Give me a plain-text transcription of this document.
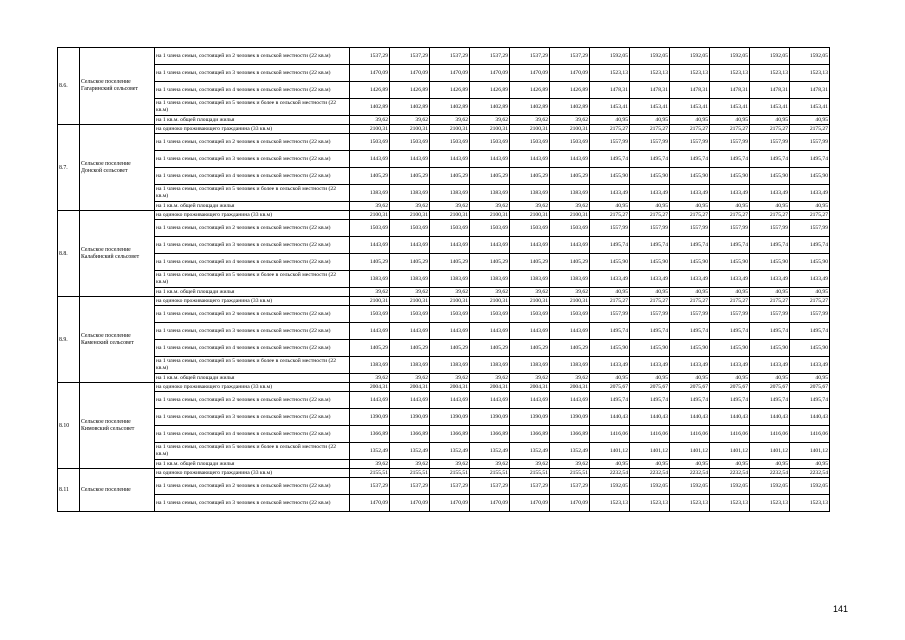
8.6.	Сельское поселение Гагаринский сельсовет	на 1 члена семьи, состоящей из 2 человек в сельской местности (22 кв.м)	1537,29	1537,29	1537,29	1537,29	1537,29	1537,29	1592,05	1592,05	1592,05	1592,05	1592,05	1592,05
		на 1 члена семьи, состоящей из 3 человек в сельской местности (22 кв.м)	1470,09	1470,09	1470,09	1470,09	1470,09	1470,09	1523,13	1523,13	1523,13	1523,13	1523,13	1523,13
		на 1 члена семьи, состоящей из 4 человек в сельской местности (22 кв.м)	1426,89	1426,89	1426,89	1426,89	1426,89	1426,89	1478,31	1478,31	1478,31	1478,31	1478,31	1478,31
		на 1 члена семьи, состоящей из 5 человек и более в сельской местности (22 кв.м)	1402,89	1402,89	1402,89	1402,89	1402,89	1402,89	1453,41	1453,41	1453,41	1453,41	1453,41	1453,41
		на 1 кв.м. общей площади жилья	39,62	39,62	39,62	39,62	39,62	39,62	40,95	40,95	40,95	40,95	40,95	40,95
8.7.	Сельское поселение Донской сельсовет	на одиноко проживающего гражданина (33 кв.м)	2100,31	2100,31	2100,31	2100,31	2100,31	2100,31	2175,27	2175,27	2175,27	2175,27	2175,27	2175,27
		на 1 члена семьи, состоящей из 2 человек в сельской местности (22 кв.м)	1503,69	1503,69	1503,69	1503,69	1503,69	1503,69	1557,99	1557,99	1557,99	1557,99	1557,99	1557,99
		на 1 члена семьи, состоящей из 3 человек в сельской местности (22 кв.м)	1443,69	1443,69	1443,69	1443,69	1443,69	1443,69	1495,74	1495,74	1495,74	1495,74	1495,74	1495,74
		на 1 члена семьи, состоящей из 4 человек в сельской местности (22 кв.м)	1405,29	1405,29	1405,29	1405,29	1405,29	1405,29	1455,90	1455,90	1455,90	1455,90	1455,90	1455,90
		на 1 члена семьи, состоящей из 5 человек и более в сельской местности (22 кв.м)	1383,69	1383,69	1383,69	1383,69	1383,69	1383,69	1433,49	1433,49	1433,49	1433,49	1433,49	1433,49
		на 1 кв.м. общей площади жилья	39,62	39,62	39,62	39,62	39,62	39,62	40,95	40,95	40,95	40,95	40,95	40,95
8.8.	Сельское поселение Калабинский сельсовет	на одиноко проживающего гражданина (33 кв.м)	2100,31	2100,31	2100,31	2100,31	2100,31	2100,31	2175,27	2175,27	2175,27	2175,27	2175,27	2175,27
		на 1 члена семьи, состоящей из 2 человек в сельской местности (22 кв.м)	1503,69	1503,69	1503,69	1503,69	1503,69	1503,69	1557,99	1557,99	1557,99	1557,99	1557,99	1557,99
		на 1 члена семьи, состоящей из 3 человек в сельской местности (22 кв.м)	1443,69	1443,69	1443,69	1443,69	1443,69	1443,69	1495,74	1495,74	1495,74	1495,74	1495,74	1495,74
		на 1 члена семьи, состоящей из 4 человек в сельской местности (22 кв.м)	1405,29	1405,29	1405,29	1405,29	1405,29	1405,29	1455,90	1455,90	1455,90	1455,90	1455,90	1455,90
		на 1 члена семьи, состоящей из 5 человек и более в сельской местности (22 кв.м)	1383,69	1383,69	1383,69	1383,69	1383,69	1383,69	1433,49	1433,49	1433,49	1433,49	1433,49	1433,49
		на 1 кв.м. общей площади жилья	39,62	39,62	39,62	39,62	39,62	39,62	40,95	40,95	40,95	40,95	40,95	40,95
8.9.	Сельское поселение Каменский сельсовет	на одиноко проживающего гражданина (33 кв.м)	2100,31	2100,31	2100,31	2100,31	2100,31	2100,31	2175,27	2175,27	2175,27	2175,27	2175,27	2175,27
		на 1 члена семьи, состоящей из 2 человек в сельской местности (22 кв.м)	1503,69	1503,69	1503,69	1503,69	1503,69	1503,69	1557,99	1557,99	1557,99	1557,99	1557,99	1557,99
		на 1 члена семьи, состоящей из 3 человек в сельской местности (22 кв.м)	1443,69	1443,69	1443,69	1443,69	1443,69	1443,69	1495,74	1495,74	1495,74	1495,74	1495,74	1495,74
		на 1 члена семьи, состоящей из 4 человек в сельской местности (22 кв.м)	1405,29	1405,29	1405,29	1405,29	1405,29	1405,29	1455,90	1455,90	1455,90	1455,90	1455,90	1455,90
		на 1 члена семьи, состоящей из 5 человек и более в сельской местности (22 кв.м)	1383,69	1383,69	1383,69	1383,69	1383,69	1383,69	1433,49	1433,49	1433,49	1433,49	1433,49	1433,49
		на 1 кв.м. общей площади жилья	39,62	39,62	39,62	39,62	39,62	39,62	40,95	40,95	40,95	40,95	40,95	40,95
8.10	Сельское поселение Кимовский сельсовет	на одиноко проживающего гражданина (33 кв.м)	2004,31	2004,31	2004,31	2004,31	2004,31	2004,31	2075,67	2075,67	2075,67	2075,67	2075,67	2075,67
		на 1 члена семьи, состоящей из 2 человек в сельской местности (22 кв.м)	1443,69	1443,69	1443,69	1443,69	1443,69	1443,69	1495,74	1495,74	1495,74	1495,74	1495,74	1495,74
		на 1 члена семьи, состоящей из 3 человек в сельской местности (22 кв.м)	1390,09	1390,09	1390,09	1390,09	1390,09	1390,09	1440,43	1440,43	1440,43	1440,43	1440,43	1440,43
		на 1 члена семьи, состоящей из 4 человек в сельской местности (22 кв.м)	1366,89	1366,89	1366,89	1366,89	1366,89	1366,89	1416,06	1416,06	1416,06	1416,06	1416,06	1416,06
		на 1 члена семьи, состоящей из 5 человек и более в сельской местности (22 кв.м)	1352,49	1352,49	1352,49	1352,49	1352,49	1352,49	1401,12	1401,12	1401,12	1401,12	1401,12	1401,12
		на 1 кв.м. общей площади жилья	39,62	39,62	39,62	39,62	39,62	39,62	40,95	40,95	40,95	40,95	40,95	40,95
8.11	Сельское поселение	на одиноко проживающего гражданина (33 кв.м)	2155,51	2155,51	2155,51	2155,51	2155,51	2155,51	2232,54	2232,54	2232,54	2232,54	2232,54	2232,54
		на 1 члена семьи, состоящей из 2 человек в сельской местности (22 кв.м)	1537,29	1537,29	1537,29	1537,29	1537,29	1537,29	1592,05	1592,05	1592,05	1592,05	1592,05	1592,05
		на 1 члена семьи, состоящей из 3 человек в сельской местности (22 кв.м)	1470,09	1470,09	1470,09	1470,09	1470,09	1470,09	1523,13	1523,13	1523,13	1523,13	1523,13	1523,13
141
